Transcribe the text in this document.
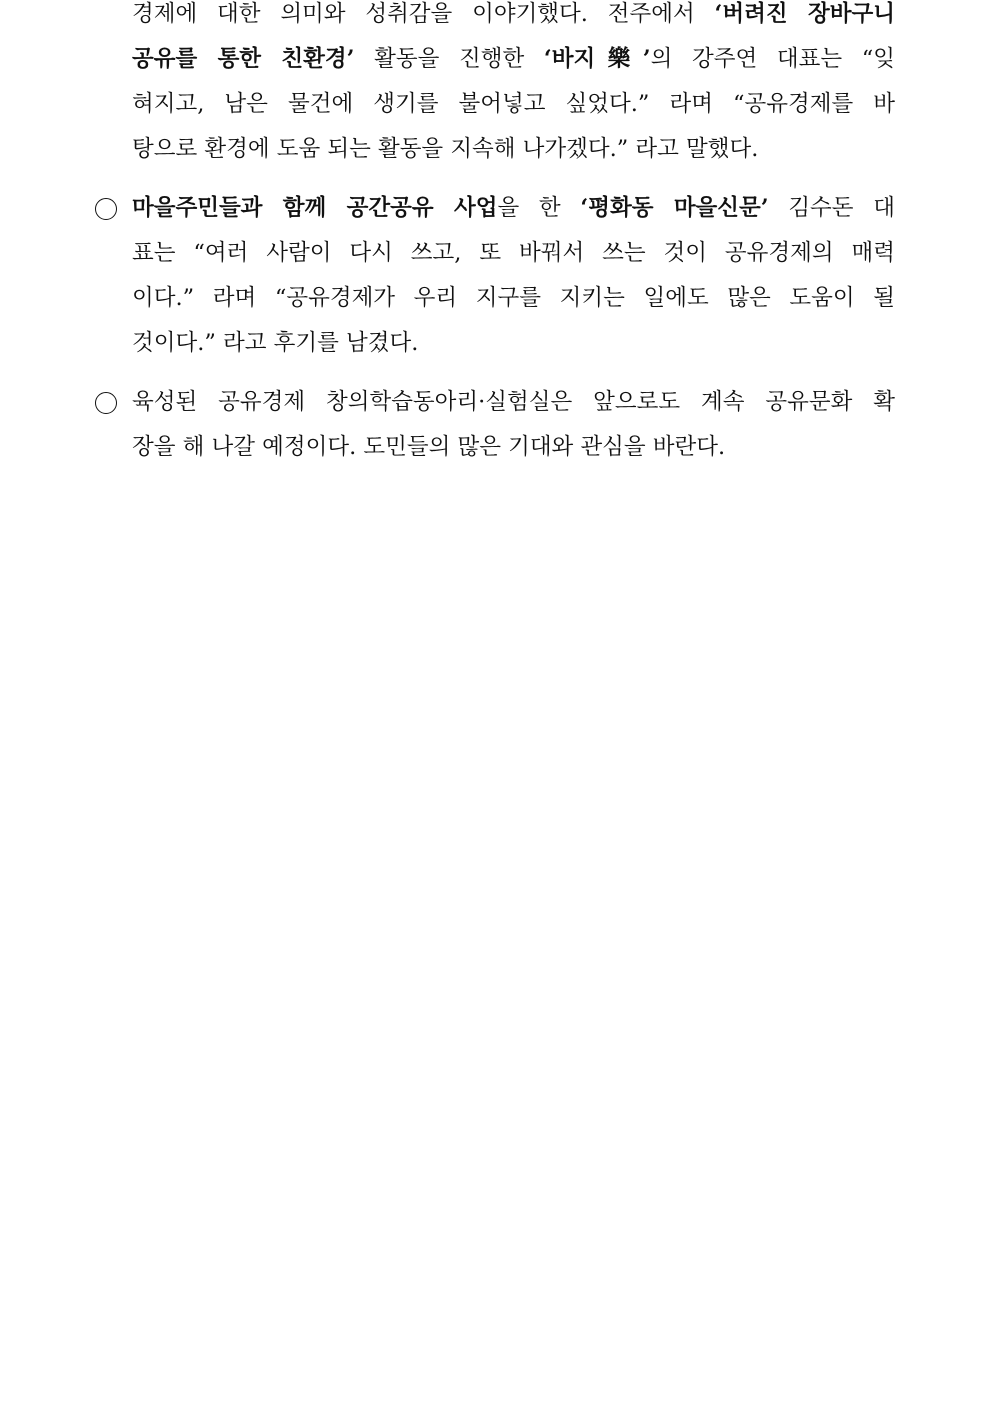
경제에 대한 의미와 성취감을 이야기했다. 전주에서 ‘버려진 장바구니
공유를 통한 친환경’ 활동을 진행한 ‘바지樂’의 강주연 대표는 “잊
혀지고, 남은 물건에 생기를 불어넣고 싶었다.” 라며 “공유경제를 바
탕으로 환경에 도움 되는 활동을 지속해 나가겠다.” 라고 말했다.
마을주민들과 함께 공간공유 사업을 한 ‘평화동 마을신문’ 김수돈 대
표는 “여러 사람이 다시 쓰고, 또 바꿔서 쓰는 것이 공유경제의 매력
이다.” 라며 “공유경제가 우리 지구를 지키는 일에도 많은 도움이 될
것이다.” 라고 후기를 남겼다.
육성된 공유경제 창의학습동아리·실험실은 앞으로도 계속 공유문화 확
장을 해 나갈 예정이다. 도민들의 많은 기대와 관심을 바란다.
